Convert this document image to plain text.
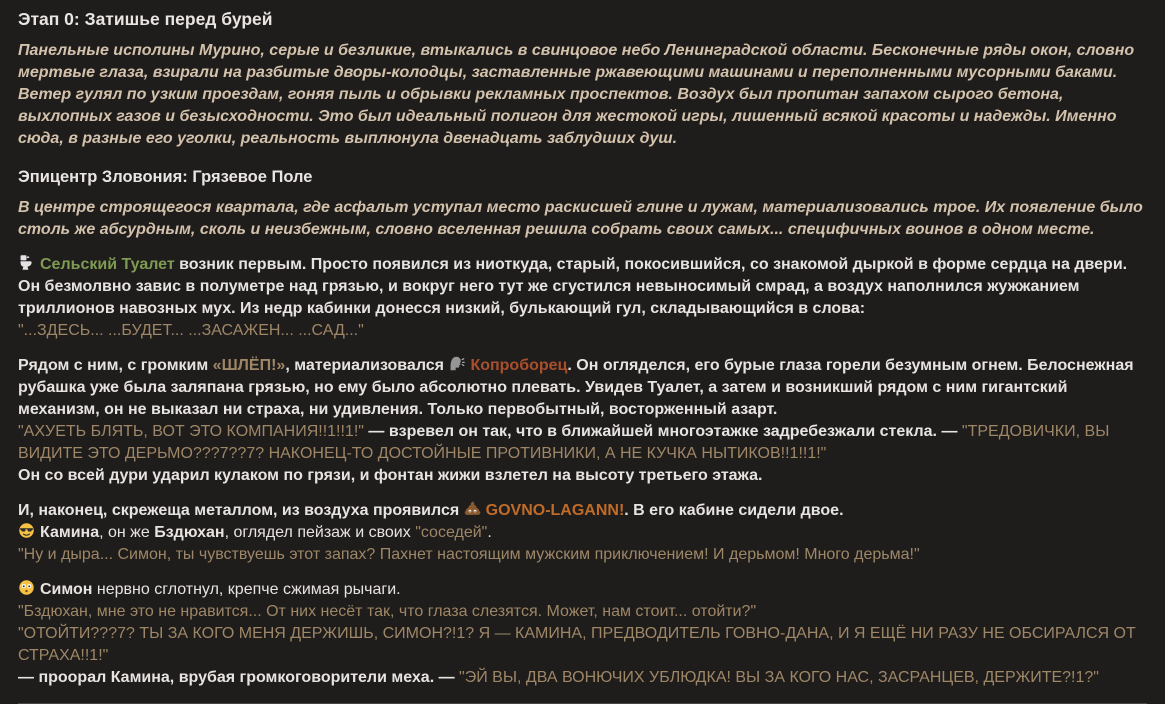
Этап 0: Затишье перед бурей

Панельные исполины Мурино, серые и безликие, втыкались в свинцовое небо Ленинградской области. Бесконечные ряды окон, словно мертвые глаза, взирали на разбитые дворы-колодцы, заставленные ржавеющими машинами и переполненными мусорными баками. Ветер гулял по узким проездам, гоняя пыль и обрывки рекламных проспектов. Воздух был пропитан запахом сырого бетона, выхлопных газов и безысходности. Это был идеальный полигон для жестокой игры, лишенный всякой красоты и надежды. Именно сюда, в разные его уголки, реальность выплюнула двенадцать заблудших душ.

Эпицентр Зловония: Грязевое Поле

В центре строящегося квартала, где асфальт уступал место раскисшей глине и лужам, материализовались трое. Их появление было столь же абсурдным, сколь и неизбежным, словно вселенная решила собрать своих самых... специфичных воинов в одном месте.

Сельский Туалет возник первым. Просто появился из ниоткуда, старый, покосившийся, со знакомой дыркой в форме сердца на двери. Он безмолвно завис в полуметре над грязью, и вокруг него тут же сгустился невыносимый смрад, а воздух наполнился жужжанием триллионов навозных мух. Из недр кабинки донесся низкий, булькающий гул, складывающийся в слова:
"...ЗДЕСЬ... ...БУДЕТ... ...ЗАСАЖЕН... ...САД..."

Рядом с ним, с громким «ШЛЁП!», материализовался
Копроборец. Он огляделся, его бурые глаза горели безумным огнем. Белоснежная рубашка уже была заляпана грязью, но ему было абсолютно плевать. Увидев Туалет, а затем и возникший рядом с ним гигантский механизм, он не выказал ни страха, ни удивления. Только первобытный, восторженный азарт.
"АХУЕТЬ БЛЯТЬ, ВОТ ЭТО КОМПАНИЯ!!1!!1!" — взревел он так, что в ближайшей многоэтажке задребезжали стекла. — "ТРЕДОВИЧКИ, ВЫ ВИДИТЕ ЭТО ДЕРЬМО???7??7? НАКОНЕЦ-ТО ДОСТОЙНЫЕ ПРОТИВНИКИ, А НЕ КУЧКА НЫТИКОВ!!1!!1!"
Он со всей дури ударил кулаком по грязи, и фонтан жижи взлетел на высоту третьего этажа.

И, наконец, скрежеща металлом, из воздуха проявился
GOVNO-LAGANN!. В его кабине сидели двое.

Камина, он же Бздюхан, оглядел пейзаж и своих "соседей".
"Ну и дыра... Симон, ты чувствуешь этот запах? Пахнет настоящим мужским приключением! И дерьмом! Много дерьма!"

Симон нервно сглотнул, крепче сжимая рычаги.
"Бздюхан, мне это не нравится... От них несёт так, что глаза слезятся. Может, нам стоит... отойти?"
"ОТОЙТИ???7? ТЫ ЗА КОГО МЕНЯ ДЕРЖИШЬ, СИМОН?!1? Я — КАМИНА, ПРЕДВОДИТЕЛЬ ГОВНО-ДАНА, И Я ЕЩЁ НИ РАЗУ НЕ ОБСИРАЛСЯ ОТ СТРАХА!!1!"
— проорал Камина, врубая громкоговорители меха. — "ЭЙ ВЫ, ДВА ВОНЮЧИХ УБЛЮДКА! ВЫ ЗА КОГО НАС, ЗАСРАНЦЕВ, ДЕРЖИТЕ?!1?"
